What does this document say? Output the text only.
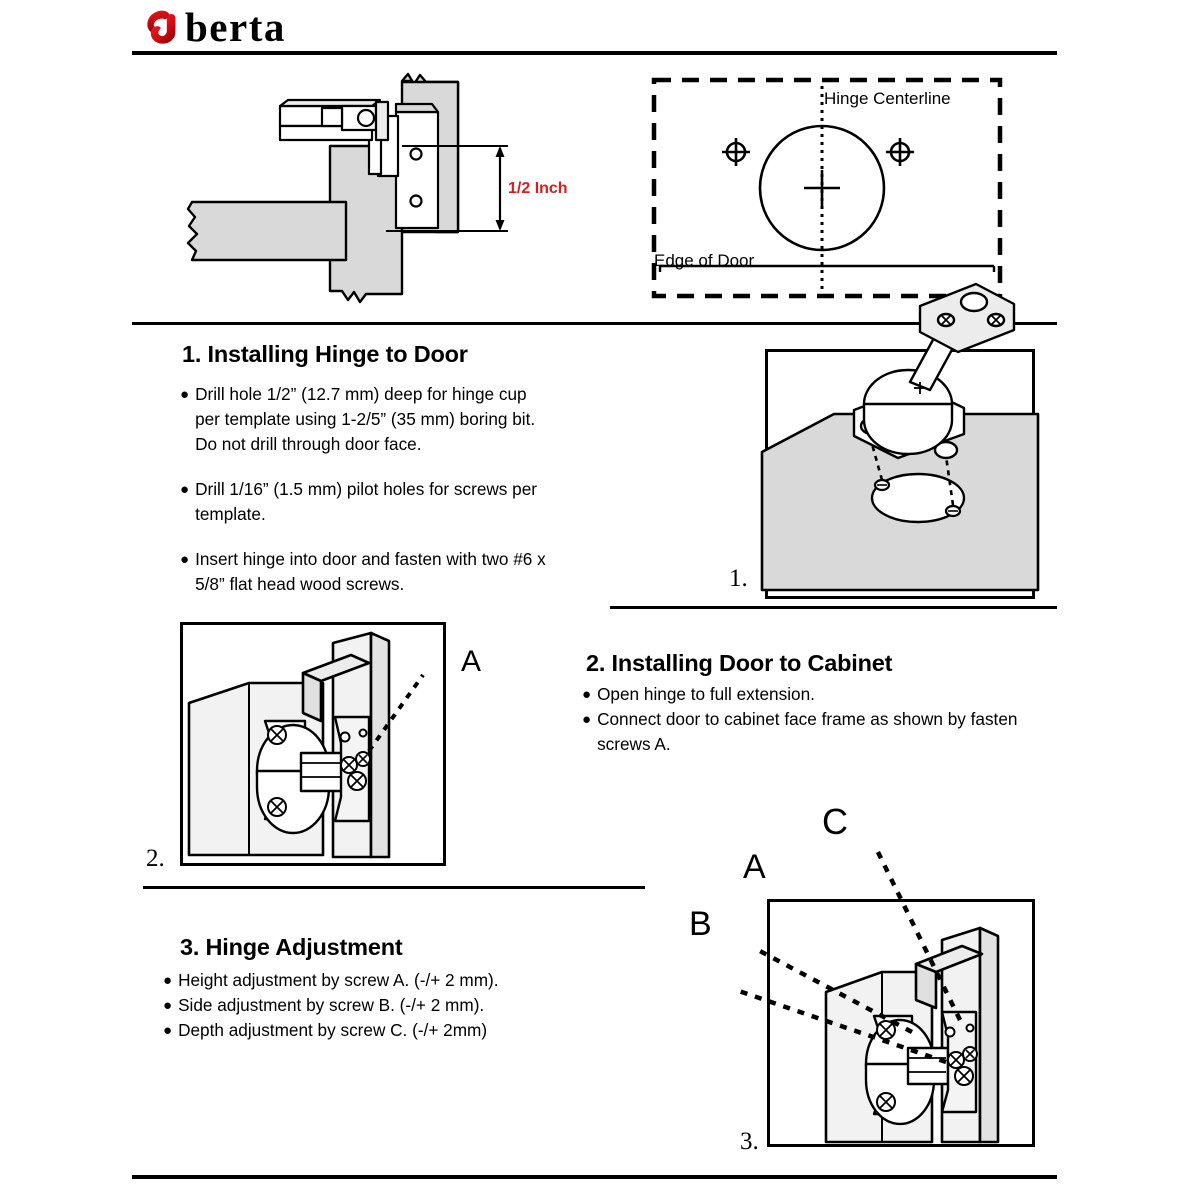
berta
1/2 Inch
Hinge Centerline
Edge of Door
1. Installing Hinge to Door
● Drill hole 1/2” (12.7 mm) deep for hinge cup per template using 1-2/5” (35 mm) boring bit. Do not drill through door face.
● Drill 1/16” (1.5 mm) pilot holes for screws per template.
● Insert hinge into door and fasten with two #6 x 5/8” flat head wood screws.	1.
2.
A	2. Installing Door to Cabinet
● Open hinge to full extension.
● Connect door to cabinet face frame as shown by fasten screws A.
3. Hinge Adjustment
● Height adjustment by screw A. (-/+ 2 mm).
● Side adjustment by screw B. (-/+ 2 mm).
● Depth adjustment by screw C. (-/+ 2mm)
3.
C
A
B
